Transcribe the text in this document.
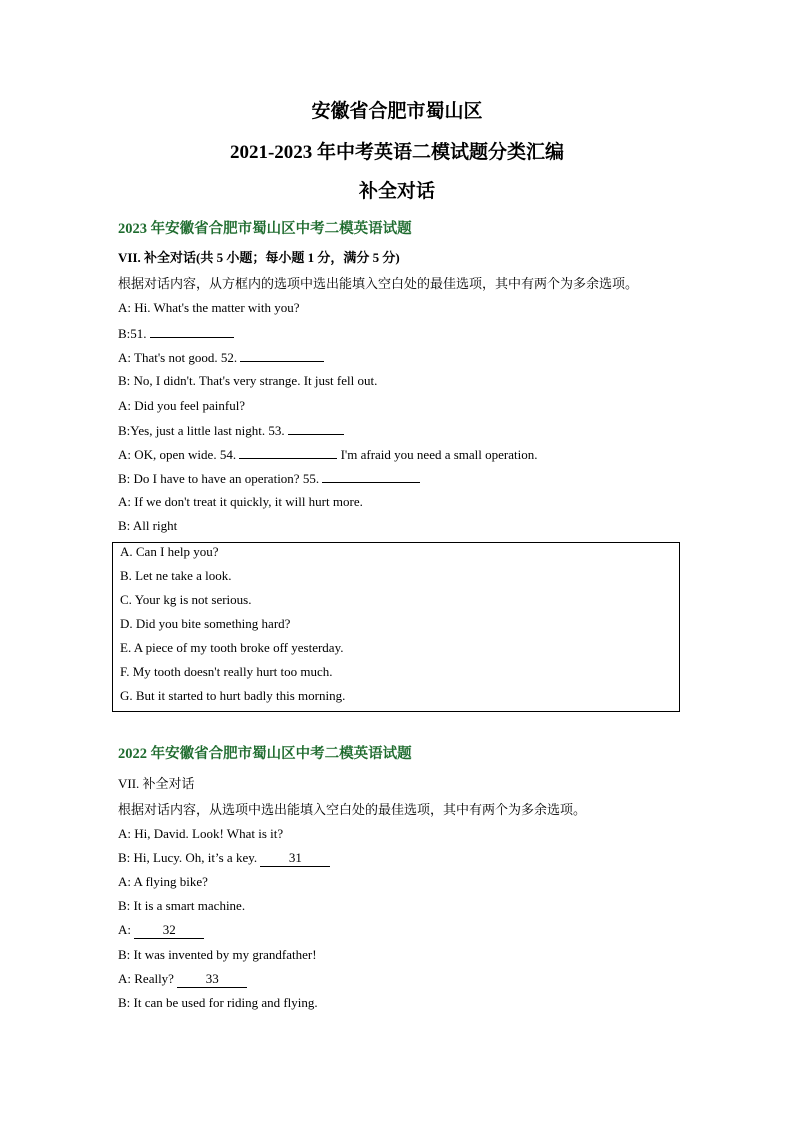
安徽省合肥市蜀山区
2021-2023 年中考英语二模试题分类汇编
补全对话
2023 年安徽省合肥市蜀山区中考二模英语试题
VII. 补全对话(共 5 小题；每小题 1 分，满分 5 分)
根据对话内容，从方框内的选项中选出能填入空白处的最佳选项，其中有两个为多余选项。
A: Hi. What's the matter with you?
B:51.
A: That's not good. 52.
B: No, I didn't. That's very strange. It just fell out.
A: Did you feel painful?
B:Yes, just a little last night. 53.
A: OK, open wide. 54.	I'm afraid you need a small operation.
B: Do I have to have an operation? 55.
A: If we don't treat it quickly, it will hurt more.
B: All right
A. Can I help you?
B. Let ne take a look.
C. Your kg is not serious.
D. Did you bite something hard?
E. A piece of my tooth broke off yesterday.
F. My tooth doesn't really hurt too much.
G. But it started to hurt badly this morning.
2022 年安徽省合肥市蜀山区中考二模英语试题
VII. 补全对话
根据对话内容，从选项中选出能填入空白处的最佳选项，其中有两个为多余选项。
A: Hi, David. Look! What is it?
B: Hi, Lucy. Oh, it’s a key. 31
A: A flying bike?
B: It is a smart machine.
A: 32
B: It was invented by my grandfather!
A: Really? 33
B: It can be used for riding and flying.
